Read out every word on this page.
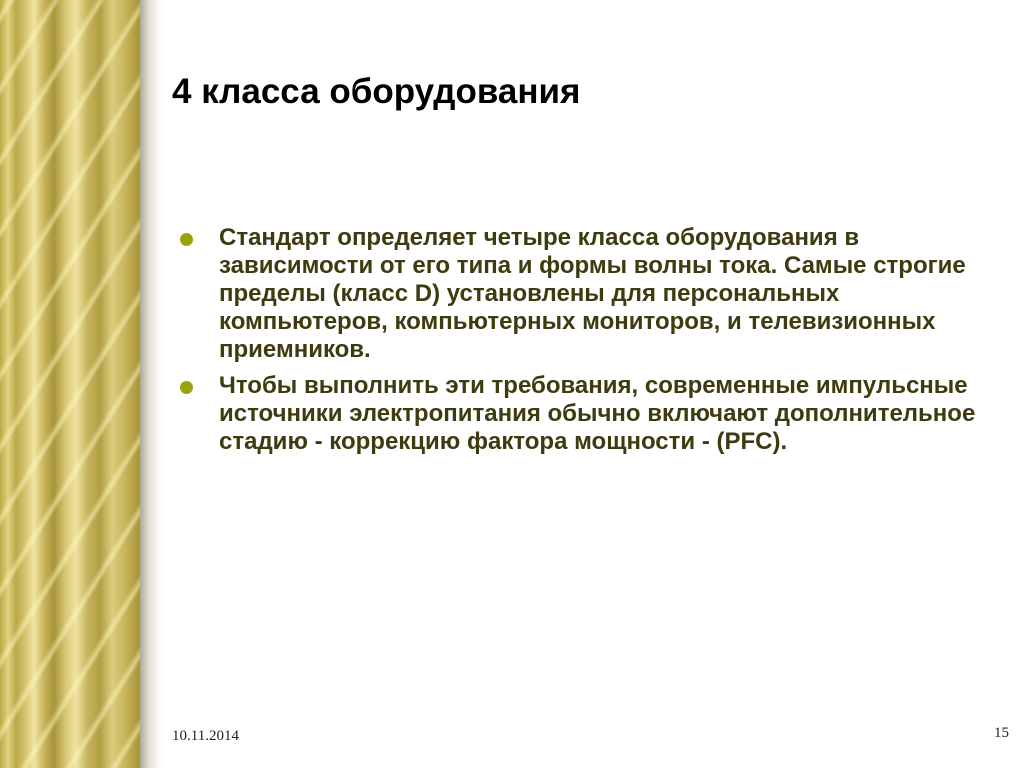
4 класса оборудования
Стандарт определяет четыре класса оборудования в зависимости от его типа и формы волны тока. Самые строгие пределы (класс D) установлены для персональных компьютеров, компьютерных мониторов, и телевизионных приемников.
Чтобы выполнить эти требования, современные импульсные источники электропитания обычно включают дополнительное стадию - коррекцию фактора мощности - (PFC).
10.11.2014	15
